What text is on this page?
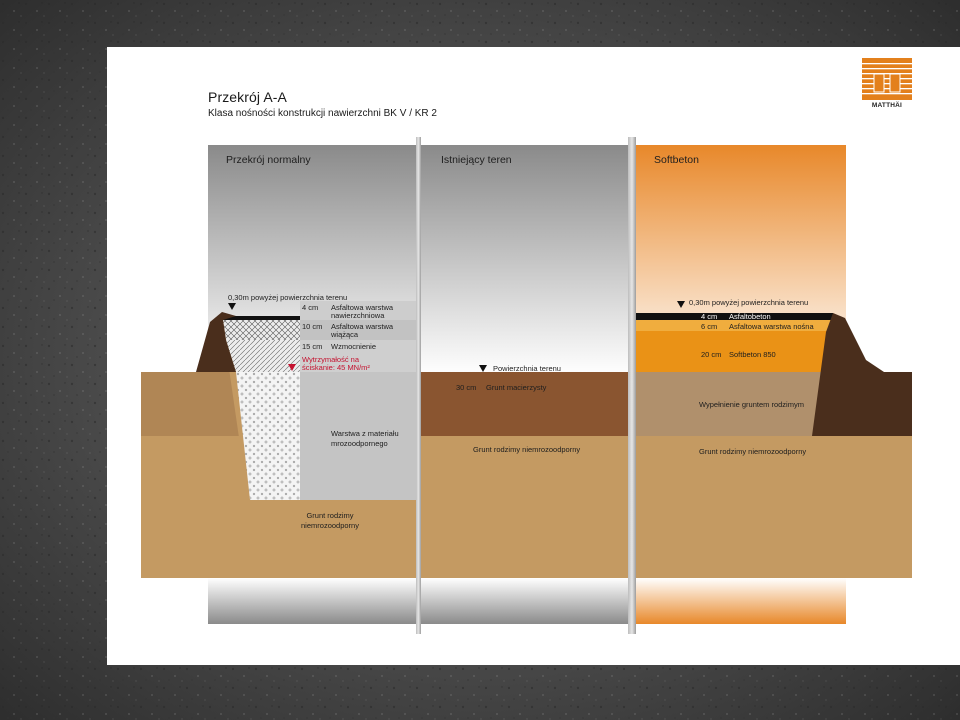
Przekrój A-A
Klasa nośności konstrukcji nawierzchni BK V / KR 2
MATTHÄI
Przekrój normalny	Istniejący teren	Softbeton
0,30m powyżej powierzchnia terenu
4 cm Asfaltowa warstwa
nawierzchniowa
10 cm Asfaltowa warstwa
wiążąca
15 cm Wzmocnienie
Wytrzymałość na
ściskanie: 45 MN/m²
Warstwa z materiału
mrozoodpornego
Grunt rodzimy
niemrozoodporny
Powierzchnia terenu
30 cm Grunt macierzysty
Grunt rodzimy niemrozoodporny
0,30m powyżej powierzchnia terenu
4 cm Asfaltobeton
6 cm Asfaltowa warstwa nośna
20 cm Softbeton 850
Wypełnienie gruntem rodzimym
Grunt rodzimy niemrozoodporny
